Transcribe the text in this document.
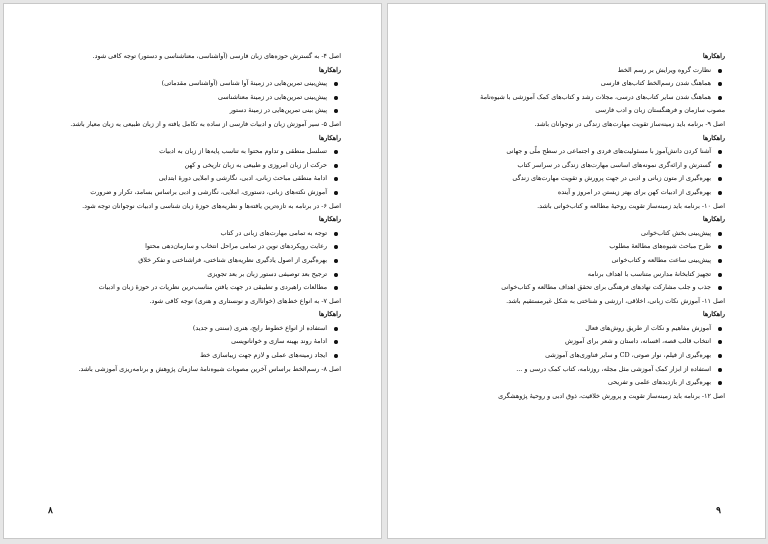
اصل ۴- به گسترش حوزه‌های زبان فارسی (آواشناسی، معناشناسی و دستور) توجه کافی شود.
راهکارها
پیش‌بینی تمرین‌هایی در زمینهٔ آوا شناسی (آواشناسی مقدماتی)
پیش‌بینی تمرین‌هایی در زمینهٔ معناشناسی
پیش بینی تمرین‌هایی در زمینهٔ دستور
اصل ۵- سیر آموزش زبان و ادبیات فارسی از ساده به تکامل یافته و از زبان طبیعی به زبان معیار باشد.
راهکارها
تسلسل منطقی و تداوم محتوا به تناسب پایه‌ها از زبان به ادبیات
حرکت از زبان امروزی و طبیعی به زبان تاریخی و کهن
ادامهٔ منطقی مباحث زبانی، ادبی، نگارشی و املایی دورهٔ ابتدایی
آموزش نکته‌های زبانی، دستوری، املایی، نگارشی و ادبی براساس بسامد، تکرار و ضرورت
اصل ۶- در برنامه به تازه‌ترین یافته‌ها و نظریه‌های حوزهٔ زبان شناسی و ادبیات نوجوانان توجه شود.
راهکارها
توجه به تمامی مهارت‌های زبانی در کتاب
رعایت رویکردهای نوین در تمامی مراحل انتخاب و سازمان‌دهی محتوا
بهره‌گیری از اصول یادگیری نظریه‌های شناختی، فراشناختی و تفکر خلاق
ترجیح بعد توصیفی دستور زبان بر بعد تجویزی
مطالعات راهبردی و تطبیقی در جهت یافتن مناسب‌ترین نظریات در حوزهٔ زبان و ادبیات
اصل ۷- به انواع خط‌های (خوانااری و نونستاری و هنری) توجه کافی شود.
راهکارها
استفاده از انواع خطوط رایج، هنری (سنتی و جدید)
ادامهٔ روند بهینه سازی و خوانانویسی
ایجاد زمینه‌های عملی و لازم جهت زیباسازی خط
اصل ۸- رسم‌الخط براساس آخرین مصوبات شیوه‌نامهٔ سازمان پژوهش و برنامه‌ریزی آموزشی باشد.
۸
راهکارها
نظارت گروه ویرایش بر رسم الخط
هماهنگ شدن رسم‌الخط کتاب‌های فارسی
هماهنگ شدن سایر کتاب‌های درسی، مجلات رشد و کتاب‌های کمک آموزشی با شیوه‌نامهٔ
مصوب سازمان و فرهنگستان زبان و ادب فارسی
اصل ۹- برنامه باید زمینه‌ساز تقویت مهارت‌های زندگی در نوجوانان باشد.
راهکارها
آشنا کردن دانش‌آموز با مسئولیت‌های فردی و اجتماعی در سطح ملّی و جهانی
گسترش و ارائه‌گری نمونه‌های اساسی مهارت‌های زندگی در سراسر کتاب
بهره‌گیری از متون زبانی و ادبی در جهت پرورش و تقویت مهارت‌های زندگی
بهره‌گیری از ادبیات کهن برای بهتر زیستن در امروز و آینده
اصل ۱۰- برنامه باید زمینه‌ساز تقویت روحیهٔ مطالعه و کتاب‌خوانی باشد.
راهکارها
پیش‌بینی بخش کتاب‌خوانی
طرح مباحث شیوه‌های مطالعهٔ مطلوب
پیش‌بینی ساعت مطالعه و کتاب‌خوانی
تجهیز کتابخانهٔ مدارس متناسب با اهداف برنامه
جذب و جلب مشارکت نهادهای فرهنگی برای تحقق اهداف مطالعه و کتاب‌خوانی
اصل ۱۱- آموزش نکات زبانی، اخلاقی، ارزشی و شناختی به شکل غیرمستقیم باشد.
راهکارها
آموزش مفاهیم و نکات از طریق روش‌های فعال
انتخاب قالب قصه، افسانه، داستان و شعر برای آموزش
بهره‌گیری از فیلم، نوار صوتی، CD و سایر فناوری‌های آموزشی
استفاده از ابزار کمک آموزشی مثل مجله، روزنامه، کتاب کمک درسی و ...
بهره‌گیری از بازدیدهای علمی و تفریحی
اصل ۱۲- برنامه باید زمینه‌ساز تقویت و پرورش خلاقیت، ذوق ادبی و روحیهٔ پژوهشگری
۹
